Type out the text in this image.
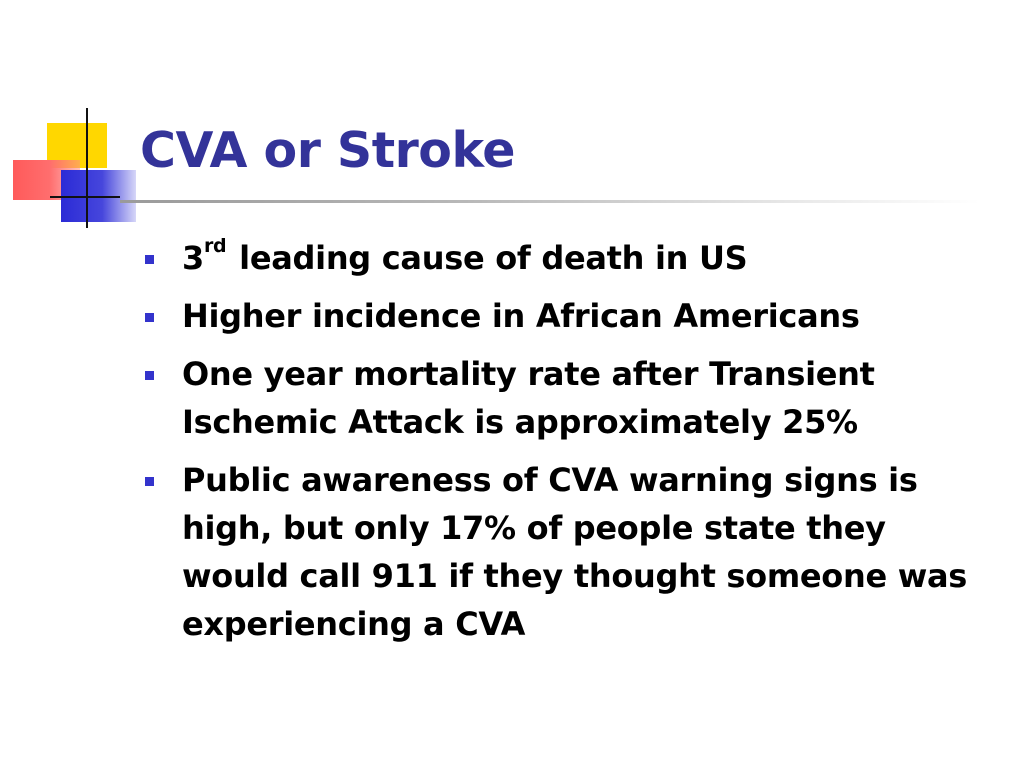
CVA or Stroke
3rd leading cause of death in US
Higher incidence in African Americans
One year mortality rate after Transient Ischemic Attack is approximately 25%
Public awareness of CVA warning signs is high, but only 17% of people state they would call 911 if they thought someone was experiencing a CVA
